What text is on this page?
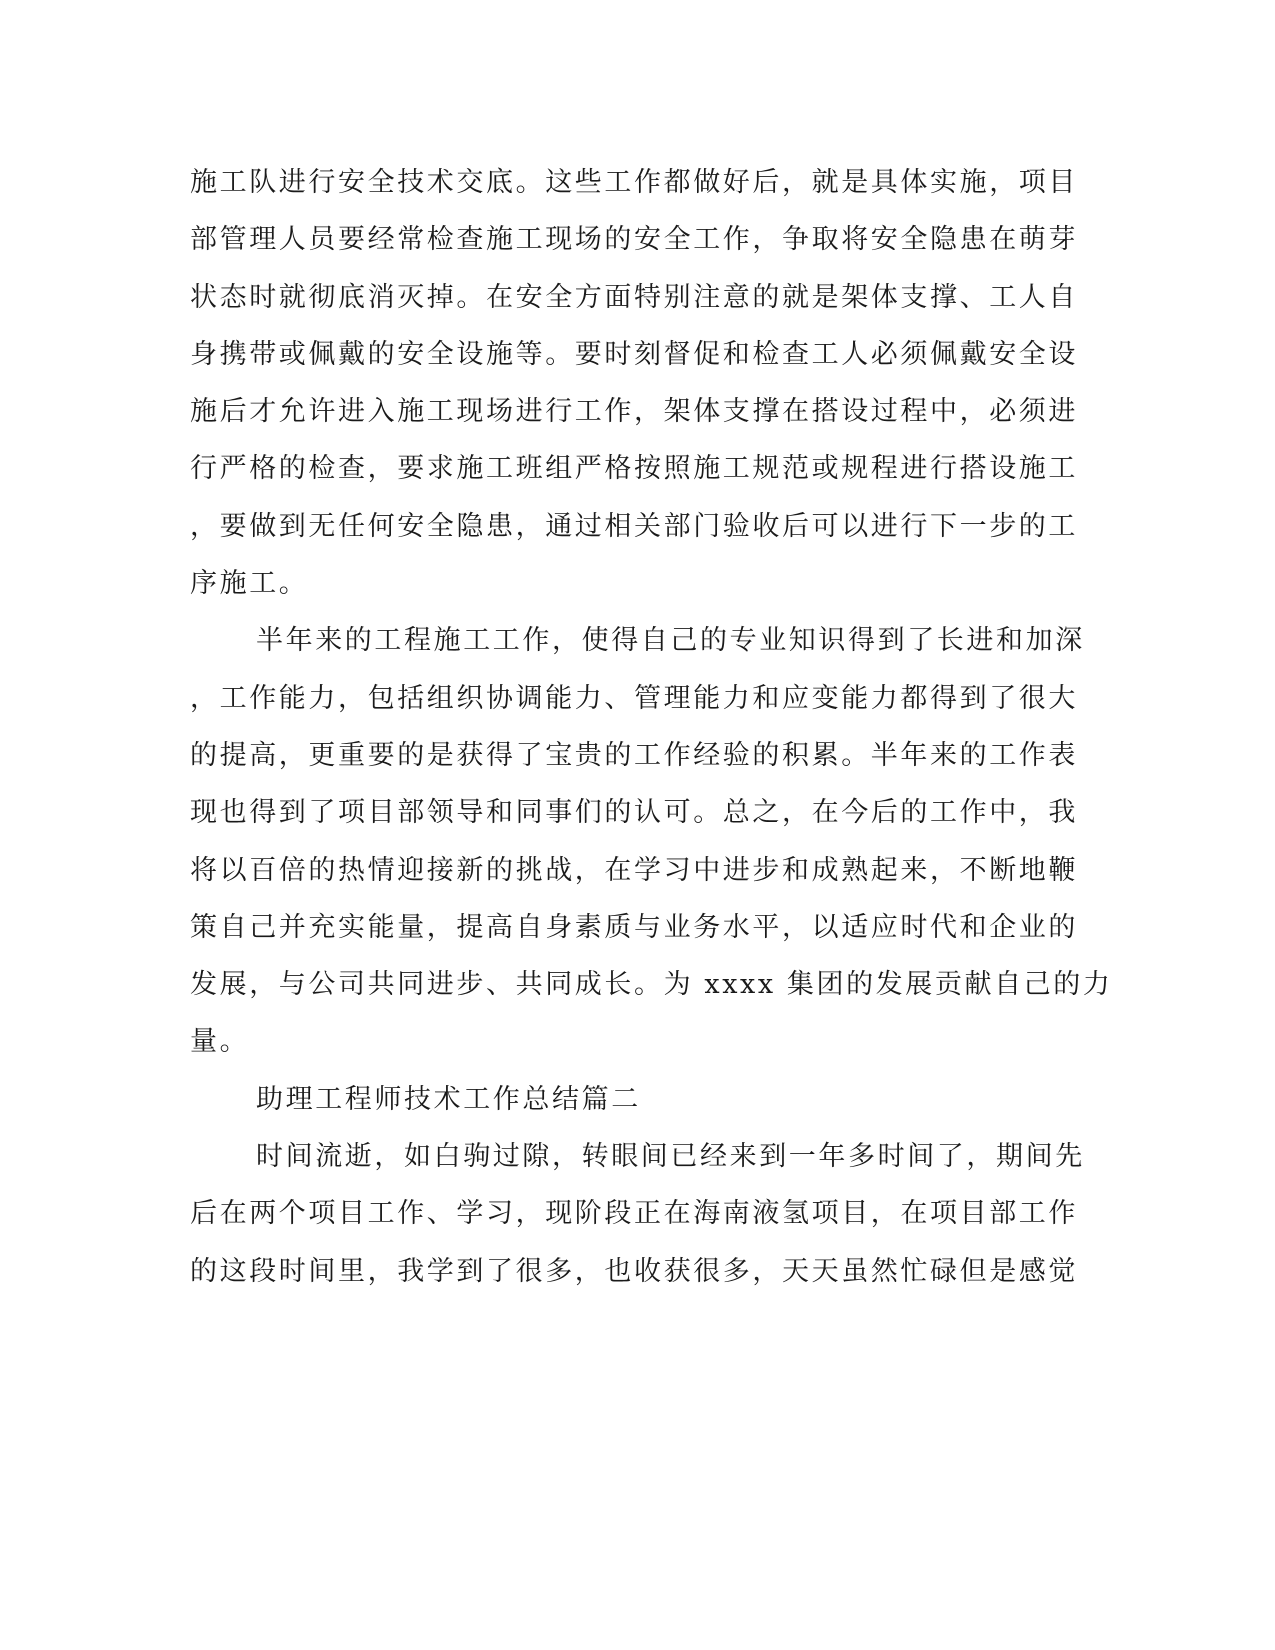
施工队进行安全技术交底。这些工作都做好后，就是具体实施，项目
部管理人员要经常检查施工现场的安全工作，争取将安全隐患在萌芽
状态时就彻底消灭掉。在安全方面特别注意的就是架体支撑、工人自
身携带或佩戴的安全设施等。要时刻督促和检查工人必须佩戴安全设
施后才允许进入施工现场进行工作，架体支撑在搭设过程中，必须进
行严格的检查，要求施工班组严格按照施工规范或规程进行搭设施工
，要做到无任何安全隐患，通过相关部门验收后可以进行下一步的工
序施工。
半年来的工程施工工作，使得自己的专业知识得到了长进和加深
，工作能力，包括组织协调能力、管理能力和应变能力都得到了很大
的提高，更重要的是获得了宝贵的工作经验的积累。半年来的工作表
现也得到了项目部领导和同事们的认可。总之，在今后的工作中，我
将以百倍的热情迎接新的挑战，在学习中进步和成熟起来，不断地鞭
策自己并充实能量，提高自身素质与业务水平，以适应时代和企业的
发展，与公司共同进步、共同成长。为 xxxx 集团的发展贡献自己的力
量。
助理工程师技术工作总结篇二
时间流逝，如白驹过隙，转眼间已经来到一年多时间了，期间先
后在两个项目工作、学习，现阶段正在海南液氢项目，在项目部工作
的这段时间里，我学到了很多，也收获很多，天天虽然忙碌但是感觉
